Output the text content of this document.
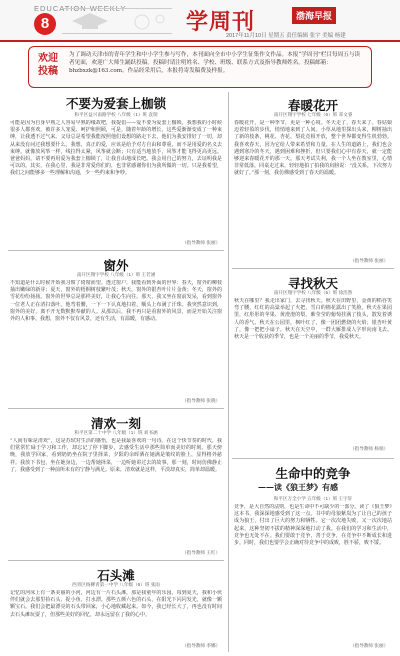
EDUCATION WEEKLY
8	学周刊	渤海早报
2017年11月10日 星期五 责任编辑 张宇 美编 杨建
欢迎投稿
为了调动天津市的青年学生和中小学生参与写作，本刊面向全市中小学生征集作文作品。本报“学周刊”栏目每周五与读者见面，欢迎广大师生踊跃投稿。投稿时请注明姓名、学校、班级、联系方式及指导教师姓名。投稿邮箱：bhzbxzk@163.com。作品经采用后，本报将寄发稿费及样报。
不要为爱套上枷锁
和平区益兴南路学校 八年级（1）班 袁瑞
可能是因为自身早熟之人容易早熟的缘故吧，我提倡——爱不要为爱套上枷锁。我想我的小时候很多人都喜欢，被许多人宠爱、呵护和照顾，可是，随着年龄的增长，这些爱渐渐变成了一种束缚，让我透不过气来。父母总是希望我能按照他们设想的路走下去，他们为我安排好了一切，却从来没有问过我想要什么。我想，真正的爱，应该是给予对方自由和尊重，而不是用爱的名义去束缚。就像放风筝一样，线拉得太紧，风筝就会断；只有适当地放手，风筝才能飞得更高更远。爸爸妈妈，请不要再用爱为我套上枷锁了，让我自由地成长吧。我会用自己的努力，去证明我是可以的。其实，在我心里，我是非常爱你们的，也非常感谢你们为我所做的一切。只是我希望，我们之间能够多一些理解和沟通，少一些约束和争吵。
（指导教师 张丽）
窗外
南开区翔宇学校 八年级（1）班 王若涵
不知道是什么时候开始我习惯了倚窗而望。透过窗户，我能看到外面的世界：春天，窗外的柳枝抽出嫩绿的新芽；夏天，窗外的梧桐树枝繁叶茂；秋天，窗外的银杏叶片片金黄；冬天，窗外的雪花纷纷扬扬。窗外的世界总是那样美好，让我心生向往。那天，我又坐在窗前发呆，看到窗外一位老人正在清扫落叶。他弯着腰，一下一下认真地扫着，额头上布满了汗珠。我突然意识到，窗外的美好，离不开无数默默奉献的人。从那以后，我不再只是看窗外的风景，而是开始关注窗外的人和事。我想，窗外不仅有风景，还有生活，有温暖，有感动。
（指导教师 张晓）
清欢一刻
和平区第二十中学 八年级（1）班 刘书涵
“人间有味是清欢”，这是苏轼对生活的感悟，也是我最喜欢的一句诗。在这个快节奏的时代，我们常常忙碌于学习和工作，却忘记了停下脚步，去感受生活中那些简单而美好的时刻。那天傍晚，我放学回家，看到奶奶坐在院子里择菜，夕阳的余晖洒在她满是皱纹的脸上，显得格外慈祥。我放下书包，坐在她身边，一边帮她择菜，一边听她讲过去的故事。那一刻，时间仿佛静止了，我感受到了一种前所未有的宁静与满足。原来，清欢就是这样，平淡却真实，简单却温暖。
（指导教师 王红）
石头滩
西青区杨柳青第一中学 八年级（6）班 张雨
记忆的河床上有一条美丽的小河，河边有一片石头滩，那是我童年的乐园。每到夏天，我和小伙伴们就会去那里捡石头、捉小鱼、打水漂。那些五颜六色的石头，在阳光下闪闪发光，就像一颗颗宝石。我们会把最漂亮的石头带回家，小心地收藏起来。如今，我已经长大了，再也没有时间去石头滩玩耍了，但那些美好的回忆，却永远留在了我的心中。
（指导教师 李娜）
春暖花开
南开区翔宇学校 七年级（6）班 邓文睿
春暖花开，是一种季节，更是一种心境。冬天走了，春天来了。春姑娘迈着轻盈的步伐，悄悄地来到了人间。小草从地里探出头来，柳树抽出了新的枝条，桃花、杏花、梨花竞相开放，整个世界都变得生机勃勃。我喜欢春天，因为它给人带来希望和力量。在人生的道路上，我们也会遇到寒冷的冬天，遇到困难和挫折，但只要我们心中有春天，就一定能够迎来春暖花开的那一天。那天考试失利，我一个人坐在教室里，心情非常低落。同桌走过来，轻轻地拍了拍我的肩膀说：“没关系，下次努力就好了。”那一刻，我仿佛感受到了春天的温暖。
（指导教师 张丽）
寻找秋天
南开区翔宇学校 八年级（5）班 徐浩然
秋天在哪里？我走出家门，去寻找秋天。秋天在田野里，金黄的稻谷笑弯了腰，红红的高粱举起了火把，雪白的棉花露出了笑脸。秋天在果园里，红彤彤的苹果、黄澄澄的梨、紫莹莹的葡萄挂满了枝头，散发着诱人的香气。秋天在公园里，枫叶红了，像一团团燃烧的火焰；银杏叶黄了，像一把把小扇子。秋天在天空中，一群大雁排成人字形向南飞去。秋天是一个收获的季节，也是一个美丽的季节，我爱秋天。
（指导教师 杨娟）
生命中的竞争
——读《狼王梦》有感
和平区万全小学 五年级（1）班 王宇轩
竞争，是大自然的法则，也是生命中不可缺少的一部分。读了《狼王梦》这本书，我深深地感受到了这一点。书中的母狼紫岚为了让自己的孩子成为狼王，付出了巨大的努力和牺牲。它一次次地失败，又一次次地站起来，这种坚韧不拔的精神深深地打动了我。在我们的学习和生活中，竞争也无处不在。我们要敢于竞争，善于竞争，在竞争中不断成长和进步。同时，我们也要学会正确对待竞争中的成败，胜不骄，败不馁。
（指导教师 张丽）
